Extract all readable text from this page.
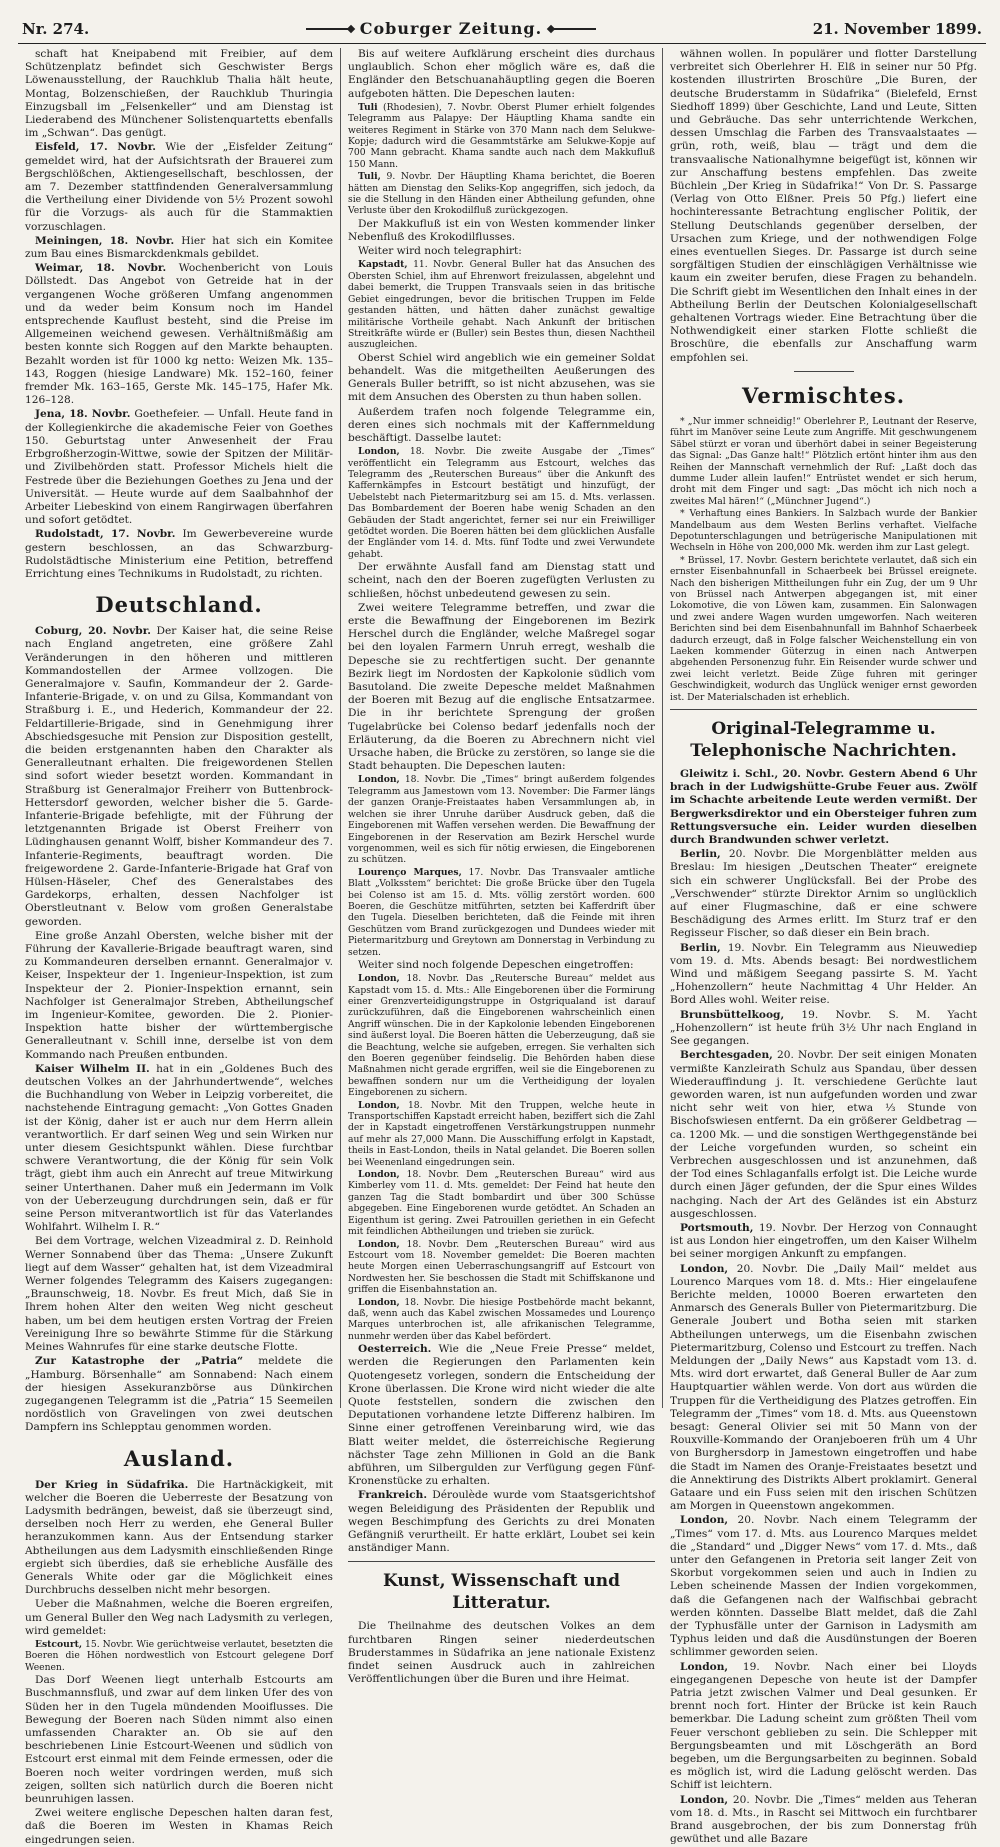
Nr. 274.	Coburger Zeitung.	21. November 1899.

schaft hat Kneipabend mit Freibier, auf dem Schützenplatz befindet sich Geschwister Bergs Löwenausstellung, der Rauchklub Thalia hält heute, Montag, Bolzenschießen, der Rauchklub Thuringia Einzugsball im „Felsenkeller“ und am Dienstag ist Liederabend des Münchener Solistenquartetts ebenfalls im „Schwan“. Das genügt.

Eisfeld, 17. Novbr. Wie der „Eisfelder Zeitung“ gemeldet wird, hat der Aufsichtsrath der Brauerei zum Bergschlößchen, Aktiengesellschaft, beschlossen, der am 7. Dezember stattfindenden Generalversammlung die Vertheilung einer Dividende von 5½ Prozent sowohl für die Vorzugs- als auch für die Stammaktien vorzuschlagen.

Meiningen, 18. Novbr. Hier hat sich ein Komitee zum Bau eines Bismarckdenkmals gebildet.

Weimar, 18. Novbr. Wochenbericht von Louis Döllstedt. Das Angebot von Getreide hat in der vergangenen Woche größeren Umfang angenommen und da weder beim Konsum noch im Handel entsprechende Kauflust besteht, sind die Preise im Allgemeinen weichend gewesen. Verhältnißmäßig am besten konnte sich Roggen auf den Markte behaupten. Bezahlt worden ist für 1000 kg netto: Weizen Mk. 135–143, Roggen (hiesige Landware) Mk. 152–160, feiner fremder Mk. 163–165, Gerste Mk. 145–175, Hafer Mk. 126–128.

Jena, 18. Novbr. Goethefeier. — Unfall. Heute fand in der Kollegienkirche die akademische Feier von Goethes 150. Geburtstag unter Anwesenheit der Frau Erbgroßherzogin-Wittwe, sowie der Spitzen der Militär- und Zivilbehörden statt. Professor Michels hielt die Festrede über die Beziehungen Goethes zu Jena und der Universität. — Heute wurde auf dem Saalbahnhof der Arbeiter Liebeskind von einem Rangirwagen überfahren und sofort getödtet.

Rudolstadt, 17. Novbr. Im Gewerbevereine wurde gestern beschlossen, an das Schwarzburg-Rudolstädtische Ministerium eine Petition, betreffend Errichtung eines Technikums in Rudolstadt, zu richten.

Deutschland.

Coburg, 20. Novbr. Der Kaiser hat, die seine Reise nach England angetreten, eine größere Zahl Veränderungen in den höheren und mittleren Kommandostellen der Armee vollzogen. Die Generalmajore v. Saufin, Kommandeur der 2. Garde-Infanterie-Brigade, v. on und zu Gilsa, Kommandant von Straßburg i. E., und Hederich, Kommandeur der 22. Feldartillerie-Brigade, sind in Genehmigung ihrer Abschiedsgesuche mit Pension zur Disposition gestellt, die beiden erstgenannten haben den Charakter als Generalleutnant erhalten. Die freigewordenen Stellen sind sofort wieder besetzt worden. Kommandant in Straßburg ist Generalmajor Freiherr von Buttenbrock-Hettersdorf geworden, welcher bisher die 5. Garde-Infanterie-Brigade befehligte, mit der Führung der letztgenannten Brigade ist Oberst Freiherr von Lüdinghausen genannt Wolff, bisher Kommandeur des 7. Infanterie-Regiments, beauftragt worden. Die freigewordene 2. Garde-Infanterie-Brigade hat Graf von Hülsen-Häseler, Chef des Generalstabes des Gardekorps, erhalten, dessen Nachfolger ist Oberstleutnant v. Below vom großen Generalstabe geworden.

Eine große Anzahl Obersten, welche bisher mit der Führung der Kavallerie-Brigade beauftragt waren, sind zu Kommandeuren derselben ernannt. Generalmajor v. Keiser, Inspekteur der 1. Ingenieur-Inspektion, ist zum Inspekteur der 2. Pionier-Inspektion ernannt, sein Nachfolger ist Generalmajor Streben, Abtheilungschef im Ingenieur-Komitee, geworden. Die 2. Pionier-Inspektion hatte bisher der württembergische Generalleutnant v. Schill inne, derselbe ist von dem Kommando nach Preußen entbunden.

Kaiser Wilhelm II. hat in ein „Goldenes Buch des deutschen Volkes an der Jahrhundertwende“, welches die Buchhandlung von Weber in Leipzig vorbereitet, die nachstehende Eintragung gemacht: „Von Gottes Gnaden ist der König, daher ist er auch nur dem Herrn allein verantwortlich. Er darf seinen Weg und sein Wirken nur unter diesem Gesichtspunkt wählen. Diese furchtbar schwere Verantwortung, die der König für sein Volk trägt, giebt ihm auch ein Anrecht auf treue Mitwirkung seiner Unterthanen. Daher muß ein Jedermann im Volk von der Ueberzeugung durchdrungen sein, daß er für seine Person mitverantwortlich ist für das Vaterlandes Wohlfahrt. Wilhelm I. R.“

Bei dem Vortrage, welchen Vizeadmiral z. D. Reinhold Werner Sonnabend über das Thema: „Unsere Zukunft liegt auf dem Wasser“ gehalten hat, ist dem Vizeadmiral Werner folgendes Telegramm des Kaisers zugegangen: „Braunschweig, 18. Novbr. Es freut Mich, daß Sie in Ihrem hohen Alter den weiten Weg nicht gescheut haben, um bei dem heutigen ersten Vortrag der Freien Vereinigung Ihre so bewährte Stimme für die Stärkung Meines Wahnrufes für eine starke deutsche Flotte.

Zur Katastrophe der „Patria“ meldete die „Hamburg. Börsenhalle“ am Sonnabend: Nach einem der hiesigen Assekuranzbörse aus Dünkirchen zugegangenen Telegramm ist die „Patria“ 15 Seemeilen nordöstlich von Gravelingen von zwei deutschen Dampfern ins Schlepptau genommen worden.

Ausland.

Der Krieg in Südafrika. Die Hartnäckigkeit, mit welcher die Boeren die Ueberreste der Besatzung von Ladysmith bedrängen, beweist, daß sie überzeugt sind, derselben noch Herr zu werden, ehe General Buller heranzukommen kann. Aus der Entsendung starker Abtheilungen aus dem Ladysmith einschließenden Ringe ergiebt sich überdies, daß sie erhebliche Ausfälle des Generals White oder gar die Möglichkeit eines Durchbruchs desselben nicht mehr besorgen.

Ueber die Maßnahmen, welche die Boeren ergreifen, um General Buller den Weg nach Ladysmith zu verlegen, wird gemeldet:

Estcourt, 15. Novbr. Wie gerüchtweise verlautet, besetzten die Boeren die Höhen nordwestlich von Estcourt gelegene Dorf Weenen.

Das Dorf Weenen liegt unterhalb Estcourts am Buschmannsfluß, und zwar auf dem linken Ufer des von Süden her in den Tugela mündenden Mooiflusses. Die Bewegung der Boeren nach Süden nimmt also einen umfassenden Charakter an. Ob sie auf den beschriebenen Linie Estcourt-Weenen und südlich von Estcourt erst einmal mit dem Feinde ermessen, oder die Boeren noch weiter vordringen werden, muß sich zeigen, sollten sich natürlich durch die Boeren nicht beunruhigen lassen.

Zwei weitere englische Depeschen halten daran fest, daß die Boeren im Westen in Khamas Reich eingedrungen seien.

Bis auf weitere Aufklärung erscheint dies durchaus unglaublich. Schon eher möglich wäre es, daß die Engländer den Betschuanahäuptling gegen die Boeren aufgeboten hätten. Die Depeschen lauten:

Tuli (Rhodesien), 7. Novbr. Oberst Plumer erhielt folgendes Telegramm aus Palapye: Der Häuptling Khama sandte ein weiteres Regiment in Stärke von 370 Mann nach dem Selukwe-Kopje; dadurch wird die Gesammtstärke am Selukwe-Kopje auf 700 Mann gebracht. Khama sandte auch nach dem Makkufluß 150 Mann.

Tuli, 9. Novbr. Der Häuptling Khama berichtet, die Boeren hätten am Dienstag den Seliks-Kop angegriffen, sich jedoch, da sie die Stellung in den Händen einer Abtheilung gefunden, ohne Verluste über den Krokodilfluß zurückgezogen.

Der Makkufluß ist ein von Westen kommender linker Nebenfluß des Krokodilflusses.

Weiter wird noch telegraphirt:

Kapstadt, 11. Novbr. General Buller hat das Ansuchen des Obersten Schiel, ihm auf Ehrenwort freizulassen, abgelehnt und dabei bemerkt, die Truppen Transvaals seien in das britische Gebiet eingedrungen, bevor die britischen Truppen im Felde gestanden hätten, und hätten daher zunächst gewaltige militärische Vortheile gehabt. Nach Ankunft der britischen Streitkräfte würde er (Buller) sein Bestes thun, diesen Nachtheil auszugleichen.

Oberst Schiel wird angeblich wie ein gemeiner Soldat behandelt. Was die mitgetheilten Aeußerungen des Generals Buller betrifft, so ist nicht abzusehen, was sie mit dem Ansuchen des Obersten zu thun haben sollen.

Außerdem trafen noch folgende Telegramme ein, deren eines sich nochmals mit der Kaffernmeldung beschäftigt. Dasselbe lautet:

London, 18. Novbr. Die zweite Ausgabe der „Times“ veröffentlicht ein Telegramm aus Estcourt, welches das Telegramm des „Reuterschen Bureaus“ über die Ankunft des Kaffernkämpfes in Estcourt bestätigt und hinzufügt, der Uebelstebt nach Pietermaritzburg sei am 15. d. Mts. verlassen. Das Bombardement der Boeren habe wenig Schaden an den Gebäuden der Stadt angerichtet, ferner sei nur ein Freiwilliger getödtet worden. Die Boeren hätten bei dem glücklichen Ausfalle der Engländer vom 14. d. Mts. fünf Todte und zwei Verwundete gehabt.

Der erwähnte Ausfall fand am Dienstag statt und scheint, nach den der Boeren zugefügten Verlusten zu schließen, höchst unbedeutend gewesen zu sein.

Zwei weitere Telegramme betreffen, und zwar die erste die Bewaffnung der Eingeborenen im Bezirk Herschel durch die Engländer, welche Maßregel sogar bei den loyalen Farmern Unruh erregt, weshalb die Depesche sie zu rechtfertigen sucht. Der genannte Bezirk liegt im Nordosten der Kapkolonie südlich vom Basutoland. Die zweite Depesche meldet Maßnahmen der Boeren mit Bezug auf die englische Entsatzarmee. Die in ihr berichtete Sprengung der großen Tugelabrücke bei Colenso bedarf jedenfalls noch der Erläuterung, da die Boeren zu Abrechnern nicht viel Ursache haben, die Brücke zu zerstören, so lange sie die Stadt behaupten. Die Depeschen lauten:

London, 18. Novbr. Die „Times“ bringt außerdem folgendes Telegramm aus Jamestown vom 13. November: Die Farmer längs der ganzen Oranje-Freistaates haben Versammlungen ab, in welchen sie ihrer Unruhe darüber Ausdruck geben, daß die Eingeborenen mit Waffen versehen werden. Die Bewaffnung der Eingeborenen in der Reservation am Bezirk Herschel wurde vorgenommen, weil es sich für nötig erwiesen, die Eingeborenen zu schützen.

Lourenço Marques, 17. Novbr. Das Transvaaler amtliche Blatt „Volksstem“ berichtet: Die große Brücke über den Tugela bei Colenso ist am 15. d. Mts. völlig zerstört worden. 600 Boeren, die Geschütze mitführten, setzten bei Kafferdrift über den Tugela. Dieselben berichteten, daß die Feinde mit ihren Geschützen vom Brand zurückgezogen und Dundees wieder mit Pietermaritzburg und Greytown am Donnerstag in Verbindung zu setzen.

Weiter sind noch folgende Depeschen eingetroffen:

London, 18. Novbr. Das „Reutersche Bureau“ meldet aus Kapstadt vom 15. d. Mts.: Alle Eingeborenen über die Formirung einer Grenzverteidigungstruppe in Ostgriqualand ist darauf zurückzuführen, daß die Eingeborenen wahrscheinlich einen Angriff wünschen. Die in der Kapkolonie lebenden Eingeborenen sind äußerst loyal. Die Boeren hätten die Ueberzeugung, daß sie die Beachtung, welche sie aufgeben, erregen. Sie verhalten sich den Boeren gegenüber feindselig. Die Behörden haben diese Maßnahmen nicht gerade ergriffen, weil sie die Eingeborenen zu bewaffnen sondern nur um die Vertheidigung der loyalen Eingeborenen zu sichern.

London, 18. Novbr. Mit den Truppen, welche heute in Transportschiffen Kapstadt erreicht haben, beziffert sich die Zahl der in Kapstadt eingetroffenen Verstärkungstruppen nunmehr auf mehr als 27,000 Mann. Die Ausschiffung erfolgt in Kapstadt, theils in East-London, theils in Natal gelandet. Die Boeren sollen bei Weenenland eingedrungen sein.

London, 18. Novbr. Dem „Reuterschen Bureau“ wird aus Kimberley vom 11. d. Mts. gemeldet: Der Feind hat heute den ganzen Tag die Stadt bombardirt und über 300 Schüsse abgegeben. Eine Eingeborenen wurde getödtet. An Schaden an Eigenthum ist gering. Zwei Patrouillen geriethen in ein Gefecht mit feindlichen Abtheilungen und trieben sie zurück.

London, 18. Novbr. Dem „Reuterschen Bureau“ wird aus Estcourt vom 18. November gemeldet: Die Boeren machten heute Morgen einen Ueberraschungsangriff auf Estcourt von Nordwesten her. Sie beschossen die Stadt mit Schiffskanone und griffen die Eisenbahnstation an.

London, 18. Novbr. Die hiesige Postbehörde macht bekannt, daß, wenn auch das Kabel zwischen Mossamedes und Lourenço Marques unterbrochen ist, alle afrikanischen Telegramme, nunmehr werden über das Kabel befördert.

Oesterreich. Wie die „Neue Freie Presse“ meldet, werden die Regierungen den Parlamenten kein Quotengesetz vorlegen, sondern die Entscheidung der Krone überlassen. Die Krone wird nicht wieder die alte Quote feststellen, sondern die zwischen den Deputationen vorhandene letzte Differenz halbiren. Im Sinne einer getroffenen Vereinbarung wird, wie das Blatt weiter meldet, die österreichische Regierung nächster Tage zehn Millionen in Gold an die Bank abführen, um Silbergulden zur Verfügung gegen Fünf-Kronenstücke zu erhalten.

Frankreich. Déroulède wurde vom Staatsgerichtshof wegen Beleidigung des Präsidenten der Republik und wegen Beschimpfung des Gerichts zu drei Monaten Gefängniß verurtheilt. Er hatte erklärt, Loubet sei kein anständiger Mann.

Kunst, Wissenschaft und Litteratur.

Die Theilnahme des deutschen Volkes an dem furchtbaren Ringen seiner niederdeutschen Bruderstammes in Südafrika an jene nationale Existenz findet seinen Ausdruck auch in zahlreichen Veröffentlichungen über die Buren und ihre Heimat.

wähnen wollen. In populärer und flotter Darstellung verbreitet sich Oberlehrer H. Elß in seiner nur 50 Pfg. kostenden illustrirten Broschüre „Die Buren, der deutsche Bruderstamm in Südafrika“ (Bielefeld, Ernst Siedhoff 1899) über Geschichte, Land und Leute, Sitten und Gebräuche. Das sehr unterrichtende Werkchen, dessen Umschlag die Farben des Transvaalstaates — grün, roth, weiß, blau — trägt und dem die transvaalische Nationalhymne beigefügt ist, können wir zur Anschaffung bestens empfehlen. Das zweite Büchlein „Der Krieg in Südafrika!“ Von Dr. S. Passarge (Verlag von Otto Elßner. Preis 50 Pfg.) liefert eine hochinteressante Betrachtung englischer Politik, der Stellung Deutschlands gegenüber derselben, der Ursachen zum Kriege, und der nothwendigen Folge eines eventuellen Sieges. Dr. Passarge ist durch seine sorgfältigen Studien der einschlägigen Verhältnisse wie kaum ein zweiter berufen, diese Fragen zu behandeln. Die Schrift giebt im Wesentlichen den Inhalt eines in der Abtheilung Berlin der Deutschen Kolonialgesellschaft gehaltenen Vortrags wieder. Eine Betrachtung über die Nothwendigkeit einer starken Flotte schließt die Broschüre, die ebenfalls zur Anschaffung warm empfohlen sei.

Vermischtes.

* „Nur immer schneidig!“ Oberlehrer P., Leutnant der Reserve, führt im Manöver seine Leute zum Angriffe. Mit geschwungenem Säbel stürzt er voran und überhört dabei in seiner Begeisterung das Signal: „Das Ganze halt!“ Plötzlich ertönt hinter ihm aus den Reihen der Mannschaft vernehmlich der Ruf: „Laßt doch das dumme Luder allein laufen!“ Entrüstet wendet er sich herum, droht mit dem Finger und sagt: „Das möcht ich nich noch a zweites Mal hären!“ („Münchner Jugend“.)

* Verhaftung eines Bankiers. In Salzbach wurde der Bankier Mandelbaum aus dem Westen Berlins verhaftet. Vielfache Depotunterschlagungen und betrügerische Manipulationen mit Wechseln in Höhe von 200,000 Mk. werden ihm zur Last gelegt.

* Brüssel, 17. Novbr. Gestern berichtete verlautet, daß sich ein ernster Eisenbahnunfall in Schaerbeek bei Brüssel ereignete. Nach den bisherigen Mittheilungen fuhr ein Zug, der um 9 Uhr von Brüssel nach Antwerpen abgegangen ist, mit einer Lokomotive, die von Löwen kam, zusammen. Ein Salonwagen und zwei andere Wagen wurden umgeworfen. Nach weiteren Berichten sind bei dem Eisenbahnunfall im Bahnhof Schaerbeek dadurch erzeugt, daß in Folge falscher Weichenstellung ein von Laeken kommender Güterzug in einen nach Antwerpen abgehenden Personenzug fuhr. Ein Reisender wurde schwer und zwei leicht verletzt. Beide Züge fuhren mit geringer Geschwindigkeit, wodurch das Unglück weniger ernst geworden ist. Der Materialschaden ist erheblich.

Original-Telegramme u. Telephonische Nachrichten.

Gleiwitz i. Schl., 20. Novbr. Gestern Abend 6 Uhr brach in der Ludwigshütte-Grube Feuer aus. Zwölf im Schachte arbeitende Leute werden vermißt. Der Bergwerksdirektor und ein Obersteiger fuhren zum Rettungsversuche ein. Leider wurden dieselben durch Brandwunden schwer verletzt.

Berlin, 20. Novbr. Die Morgenblätter melden aus Breslau: Im hiesigen „Deutschen Theater“ ereignete sich ein schwerer Unglücksfall. Bei der Probe des „Verschwender“ stürzte Direktor Arnim so unglücklich auf einer Flugmaschine, daß er eine schwere Beschädigung des Armes erlitt. Im Sturz traf er den Regisseur Fischer, so daß dieser ein Bein brach.

Berlin, 19. Novbr. Ein Telegramm aus Nieuwediep vom 19. d. Mts. Abends besagt: Bei nordwestlichem Wind und mäßigem Seegang passirte S. M. Yacht „Hohenzollern“ heute Nachmittag 4 Uhr Helder. An Bord Alles wohl. Weiter reise.

Brunsbüttelkoog, 19. Novbr. S. M. Yacht „Hohenzollern“ ist heute früh 3½ Uhr nach England in See gegangen.

Berchtesgaden, 20. Novbr. Der seit einigen Monaten vermißte Kanzleirath Schulz aus Spandau, über dessen Wiederauffindung j. It. verschiedene Gerüchte laut geworden waren, ist nun aufgefunden worden und zwar nicht sehr weit von hier, etwa ⅓ Stunde von Bischofswiesen entfernt. Da ein größerer Geldbetrag — ca. 1200 Mk. — und die sonstigen Werthgegenstände bei der Leiche vorgefunden wurden, so scheint ein Verbrechen ausgeschlossen und ist anzunehmen, daß der Tod eines Schlaganfalls erfolgt ist. Die Leiche wurde durch einen Jäger gefunden, der die Spur eines Wildes nachging. Nach der Art des Geländes ist ein Absturz ausgeschlossen.

Portsmouth, 19. Novbr. Der Herzog von Connaught ist aus London hier eingetroffen, um den Kaiser Wilhelm bei seiner morgigen Ankunft zu empfangen.

London, 20. Novbr. Die „Daily Mail“ meldet aus Lourenco Marques vom 18. d. Mts.: Hier eingelaufene Berichte melden, 10000 Boeren erwarteten den Anmarsch des Generals Buller von Pietermaritzburg. Die Generale Joubert und Botha seien mit starken Abtheilungen unterwegs, um die Eisenbahn zwischen Pietermaritzburg, Colenso und Estcourt zu treffen. Nach Meldungen der „Daily News“ aus Kapstadt vom 13. d. Mts. wird dort erwartet, daß General Buller de Aar zum Hauptquartier wählen werde. Von dort aus würden die Truppen für die Vertheidigung des Platzes getroffen. Ein Telegramm der „Times“ vom 18. d. Mts. aus Queenstown besagt: General Olivier sei mit 50 Mann von der Rouxville-Kommando der Oranjeboeren früh um 4 Uhr von Burghersdorp in Jamestown eingetroffen und habe die Stadt im Namen des Oranje-Freistaates besetzt und die Annektirung des Distrikts Albert proklamirt. General Gataare und ein Fuss seien mit den irischen Schützen am Morgen in Queenstown angekommen.

London, 20. Novbr. Nach einem Telegramm der „Times“ vom 17. d. Mts. aus Lourenco Marques meldet die „Standard“ und „Digger News“ vom 17. d. Mts., daß unter den Gefangenen in Pretoria seit langer Zeit von Skorbut vorgekommen seien und auch in Indien zu Leben scheinende Massen der Indien vorgekommen, daß die Gefangenen nach der Walfischbai gebracht werden könnten. Dasselbe Blatt meldet, daß die Zahl der Typhusfälle unter der Garnison in Ladysmith am Typhus leiden und daß die Ausdünstungen der Boeren schlimmer geworden seien.

London, 19. Novbr. Nach einer bei Lloyds eingegangenen Depesche von heute ist der Dampfer Patria jetzt zwischen Valmer und Deal gesunken. Er brennt noch fort. Hinter der Brücke ist kein Rauch bemerkbar. Die Ladung scheint zum größten Theil vom Feuer verschont geblieben zu sein. Die Schlepper mit Bergungsbeamten und mit Löschgeräth an Bord begeben, um die Bergungsarbeiten zu beginnen. Sobald es möglich ist, wird die Ladung gelöscht werden. Das Schiff ist leichtern.

London, 20. Novbr. Die „Times“ melden aus Teheran vom 18. d. Mts., in Rascht sei Mittwoch ein furchtbarer Brand ausgebrochen, der bis zum Donnerstag früh gewüthet und alle Bazare
